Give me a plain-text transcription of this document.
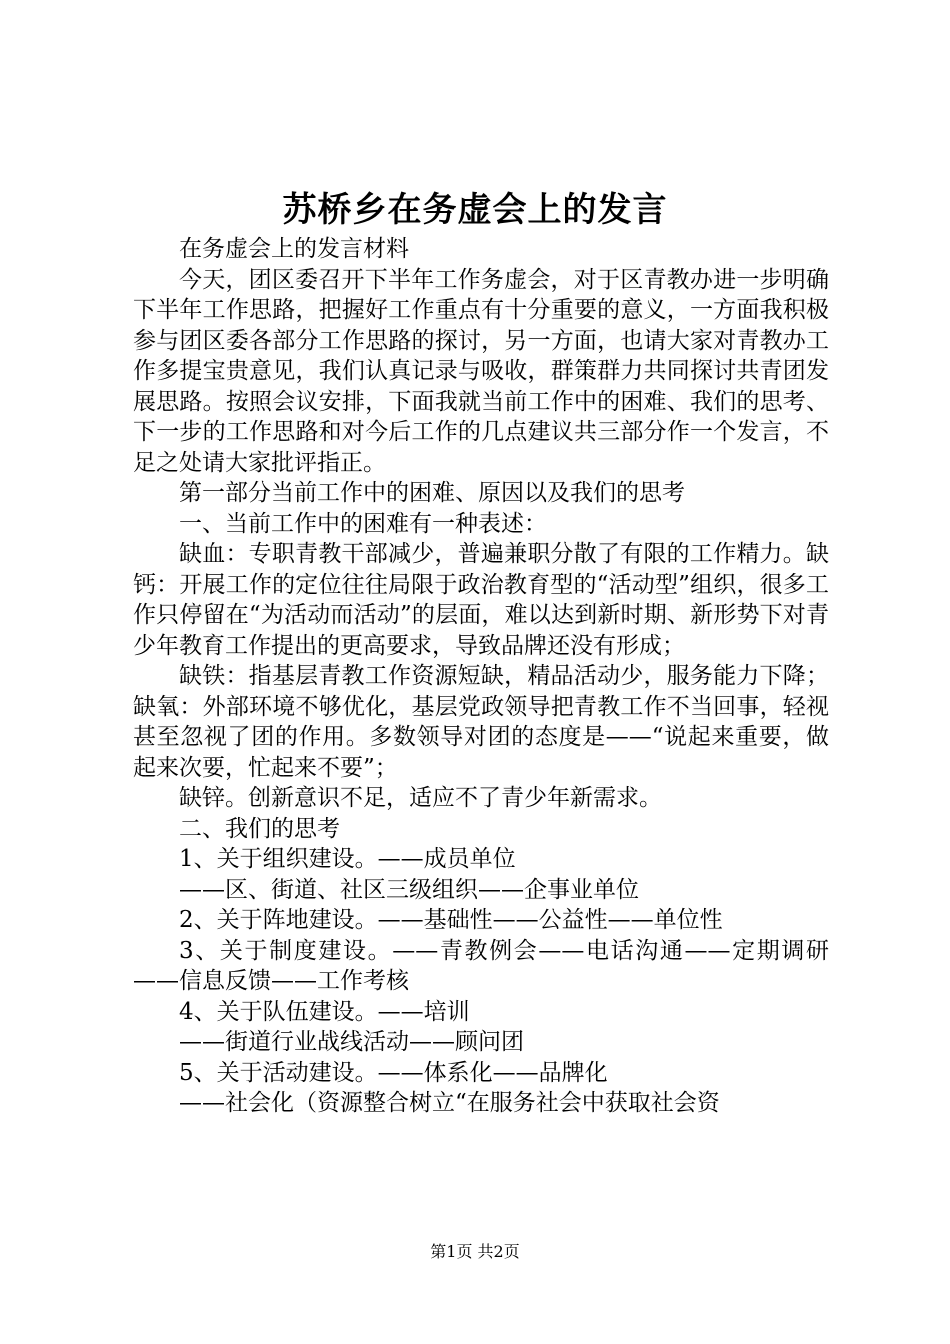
苏桥乡在务虚会上的发言

在务虚会上的发言材料

今天，团区委召开下半年工作务虚会，对于区青教办进一步明确下半年工作思路，把握好工作重点有十分重要的意义，一方面我积极参与团区委各部分工作思路的探讨，另一方面，也请大家对青教办工作多提宝贵意见，我们认真记录与吸收，群策群力共同探讨共青团发展思路。按照会议安排，下面我就当前工作中的困难、我们的思考、下一步的工作思路和对今后工作的几点建议共三部分作一个发言，不足之处请大家批评指正。

第一部分当前工作中的困难、原因以及我们的思考

一、当前工作中的困难有一种表述：

缺血：专职青教干部减少，普遍兼职分散了有限的工作精力。缺钙：开展工作的定位往往局限于政治教育型的“活动型”组织，很多工作只停留在“为活动而活动”的层面，难以达到新时期、新形势下对青少年教育工作提出的更高要求，导致品牌还没有形成；

缺铁：指基层青教工作资源短缺，精品活动少，服务能力下降；缺氧：外部环境不够优化，基层党政领导把青教工作不当回事，轻视甚至忽视了团的作用。多数领导对团的态度是——“说起来重要，做起来次要，忙起来不要”；

缺锌。创新意识不足，适应不了青少年新需求。

二、我们的思考

1、关于组织建设。——成员单位

——区、街道、社区三级组织——企事业单位

2、关于阵地建设。——基础性——公益性——单位性

3、关于制度建设。——青教例会——电话沟通——定期调研——信息反馈——工作考核

4、关于队伍建设。——培训

——街道行业战线活动——顾问团

5、关于活动建设。——体系化——品牌化

——社会化（资源整合树立“在服务社会中获取社会资

第1页 共2页
